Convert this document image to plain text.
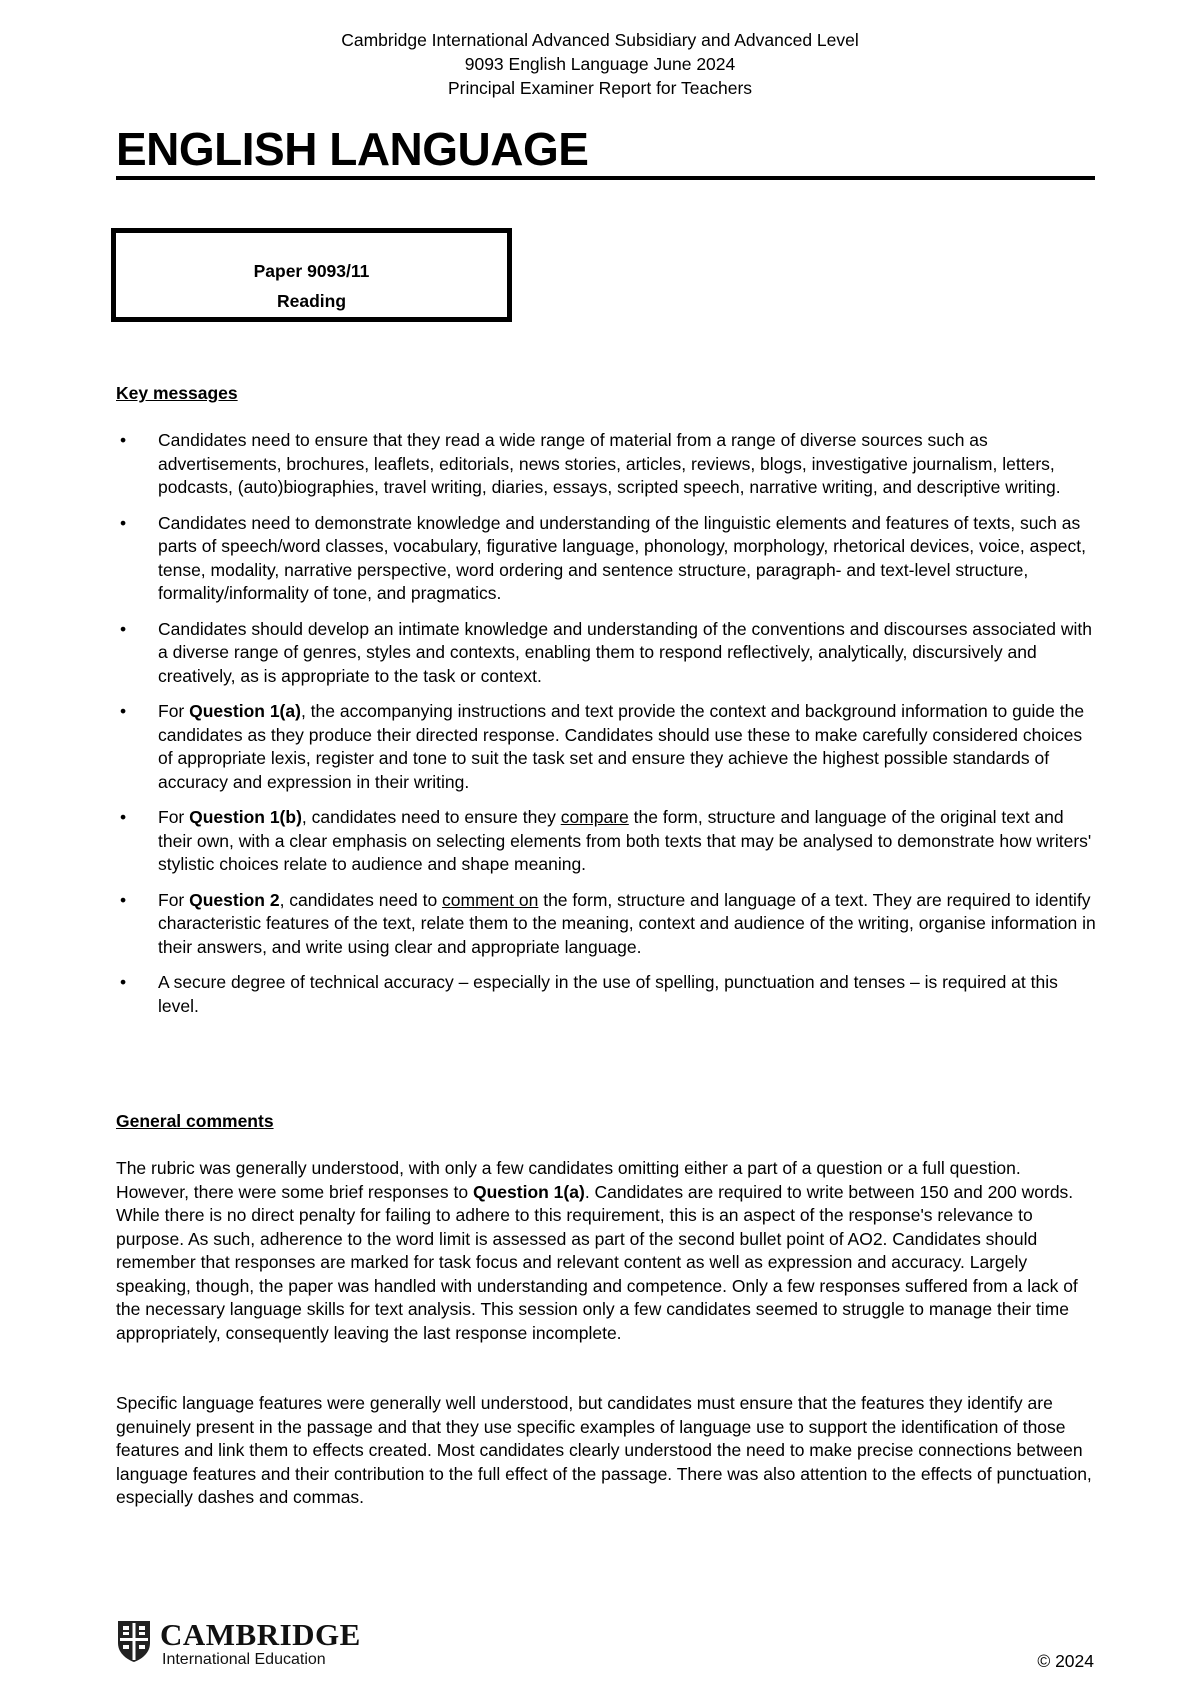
Cambridge International Advanced Subsidiary and Advanced Level
9093 English Language June 2024
Principal Examiner Report for Teachers
ENGLISH LANGUAGE
Paper 9093/11
Reading
Key messages
• Candidates need to ensure that they read a wide range of material from a range of diverse sources such as advertisements, brochures, leaflets, editorials, news stories, articles, reviews, blogs, investigative journalism, letters, podcasts, (auto)biographies, travel writing, diaries, essays, scripted speech, narrative writing, and descriptive writing.
• Candidates need to demonstrate knowledge and understanding of the linguistic elements and features of texts, such as parts of speech/word classes, vocabulary, figurative language, phonology, morphology, rhetorical devices, voice, aspect, tense, modality, narrative perspective, word ordering and sentence structure, paragraph- and text-level structure, formality/informality of tone, and pragmatics.
• Candidates should develop an intimate knowledge and understanding of the conventions and discourses associated with a diverse range of genres, styles and contexts, enabling them to respond reflectively, analytically, discursively and creatively, as is appropriate to the task or context.
• For Question 1(a), the accompanying instructions and text provide the context and background information to guide the candidates as they produce their directed response. Candidates should use these to make carefully considered choices of appropriate lexis, register and tone to suit the task set and ensure they achieve the highest possible standards of accuracy and expression in their writing.
• For Question 1(b), candidates need to ensure they compare the form, structure and language of the original text and their own, with a clear emphasis on selecting elements from both texts that may be analysed to demonstrate how writers' stylistic choices relate to audience and shape meaning.
• For Question 2, candidates need to comment on the form, structure and language of a text. They are required to identify characteristic features of the text, relate them to the meaning, context and audience of the writing, organise information in their answers, and write using clear and appropriate language.
• A secure degree of technical accuracy – especially in the use of spelling, punctuation and tenses – is required at this level.
General comments

The rubric was generally understood, with only a few candidates omitting either a part of a question or a full question. However, there were some brief responses to Question 1(a). Candidates are required to write between 150 and 200 words. While there is no direct penalty for failing to adhere to this requirement, this is an aspect of the response's relevance to purpose. As such, adherence to the word limit is assessed as part of the second bullet point of AO2. Candidates should remember that responses are marked for task focus and relevant content as well as expression and accuracy. Largely speaking, though, the paper was handled with understanding and competence. Only a few responses suffered from a lack of the necessary language skills for text analysis. This session only a few candidates seemed to struggle to manage their time appropriately, consequently leaving the last response incomplete.

Specific language features were generally well understood, but candidates must ensure that the features they identify are genuinely present in the passage and that they use specific examples of language use to support the identification of those features and link them to effects created. Most candidates clearly understood the need to make precise connections between language features and their contribution to the full effect of the passage. There was also attention to the effects of punctuation, especially dashes and commas.

CAMBRIDGE
International Education	© 2024
